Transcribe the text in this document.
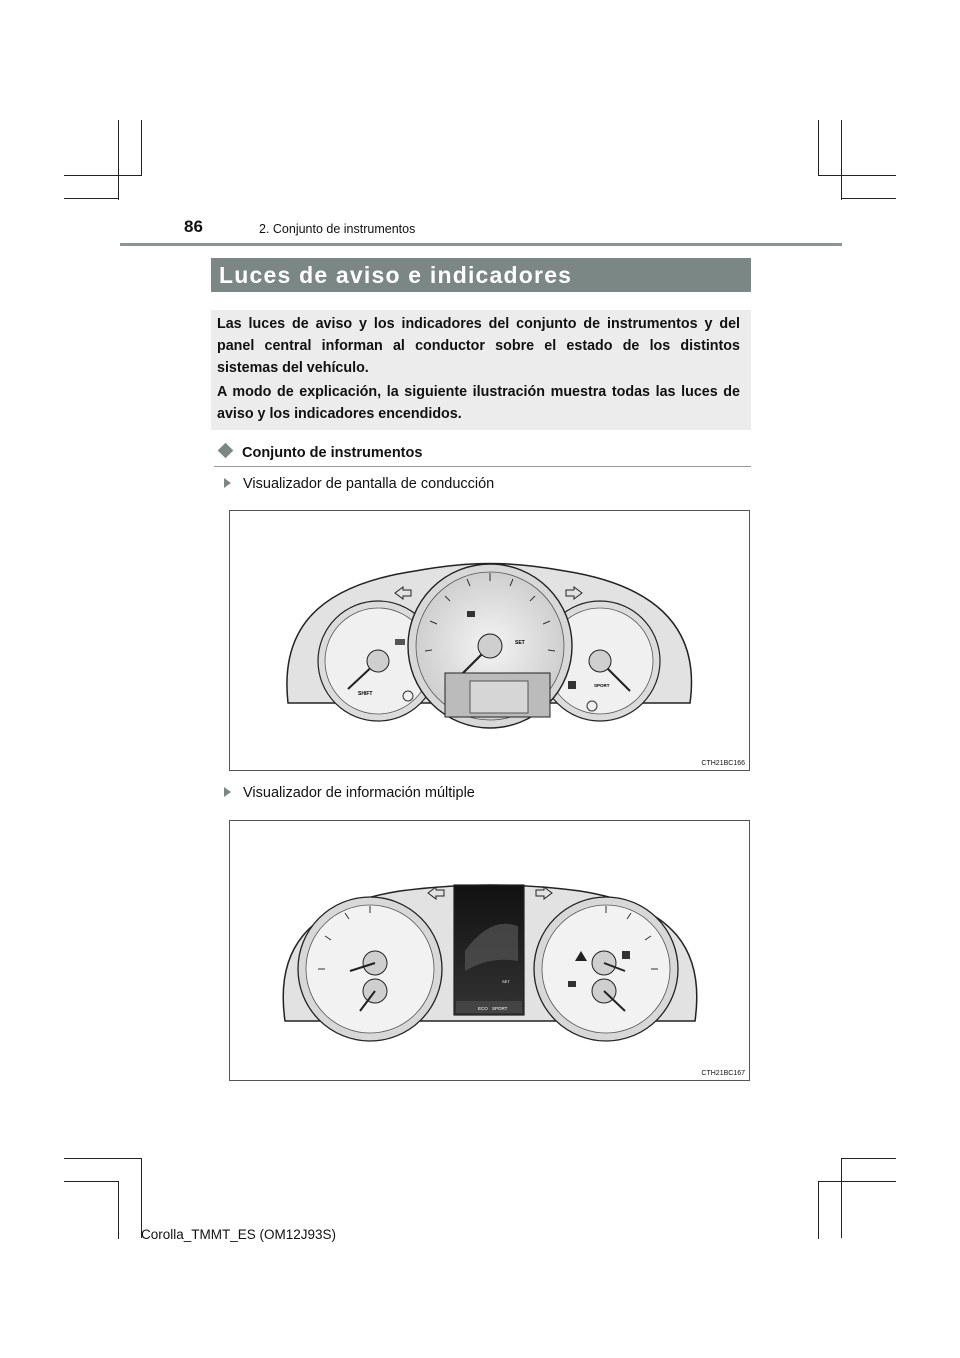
86	2. Conjunto de instrumentos
Luces de aviso e indicadores

Las luces de aviso y los indicadores del conjunto de instrumentos y del panel central informan al conductor sobre el estado de los distintos sistemas del vehículo.

A modo de explicación, la siguiente ilustración muestra todas las luces de aviso y los indicadores encendidos.

Conjunto de instrumentos
Visualizador de pantalla de conducción
SHIFT
SET
SPORT
CTH21BC166
Visualizador de información múltiple
ECO SPORT
SET
CTH21BC167
Corolla_TMMT_ES (OM12J93S)
